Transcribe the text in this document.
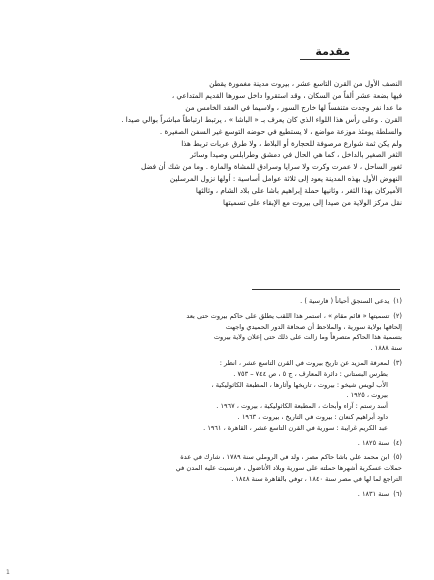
مقدمة

النصف الأول من القرن التاسع عشر ، بيروت مدينة مغمورة يقطن

فيها بضعة عشر ألفاً من السكان ، وقد استقروا داخل سورها القديم المتداعي ،

ما عدا نفر وجدت متنفساً لها خارج السور ، ولاسيما في العقد الخامس من

القرن . وعلى رأس هذا اللواء الذي كان يعرف بـ « الباشا » ، يرتبط ارتباطاً مباشراً بوالي صيدا .

والسلطة يومئذ موزعة مواضع ، لا يستطيع في حوضه التوسع غير السفن الصغيرة .

ولم يكن ثمة شوارع مرصوفة للحجارة أو البلاط ، ولا طرق عربات تربط هذا

الثغر الصغير بالداخل ، كما هي الحال في دمشق وطرابلس وصيدا وسائر

ثغور الساحل ، لا عمرت وكرت ولا سرايا وسرادق للمشاة والمارة . وما من شك أن فضل

النهوض الأول بهذه المدينة يعود إلى ثلاثة عوامل أساسية : أولها نزول المرسلين

الأميركان بهذا الثغر ، وثانيها حملة إبراهيم باشا على بلاد الشام ، وثالثها

نقل مركز الولاية من صيدا إلى بيروت مع الإبقاء على تسميتها

(١)يدعى السنجق أحياناً ( فارسية ) .
(٢)تسميتها « قائم مقام » ، استمر هذا اللقب يطلق على حاكم بيروت حتى بعد
إلحاقها بولاية سورية ، والملاحظ أن صحافة الدور الحميدي واجهت
بتسمية هذا الحاكم متصرفاً وما زالت على ذلك حتى إعلان ولاية بيروت
سنة ١٨٨٨ .
(٣)لمعرفة المزيد عن تاريخ بيروت في القرن التاسع عشر ، انظر :
بطرس البستاني : دائرة المعارف ، ج ٥ ، ص ٧٤٤ – ٧٥٣ .
الأب لويس شيخو : بيروت ، تاريخها وآثارها ، المطبعة الكاثوليكية ،
بيروت ، ١٩٢٥ .
أسد رستم : آراء وأبحاث ، المطبعة الكاثوليكية ، بيروت ، ١٩٦٧ .
داود أبراهيم كنعان : بيروت في التاريخ ، بيروت ، ١٩٦٣ .
عبد الكريم غرايبة : سورية في القرن التاسع عشر ، القاهرة ، ١٩٦١ .
(٤)سنة ١٨٢٥ .
(٥)ابن محمد علي باشا حاكم مصر ، ولد في الروملي سنة ١٧٨٩ ، شارك في عدة
حملات عسكرية أشهرها حملته على سورية وبلاد الأناضول ، فرنسيت عليه المدن في
التراجع لما لها في مصر سنة ١٨٤٠ ، توفي بالقاهرة سنة ١٨٤٨ .
(٦)سنة ١٨٣١ .
1
